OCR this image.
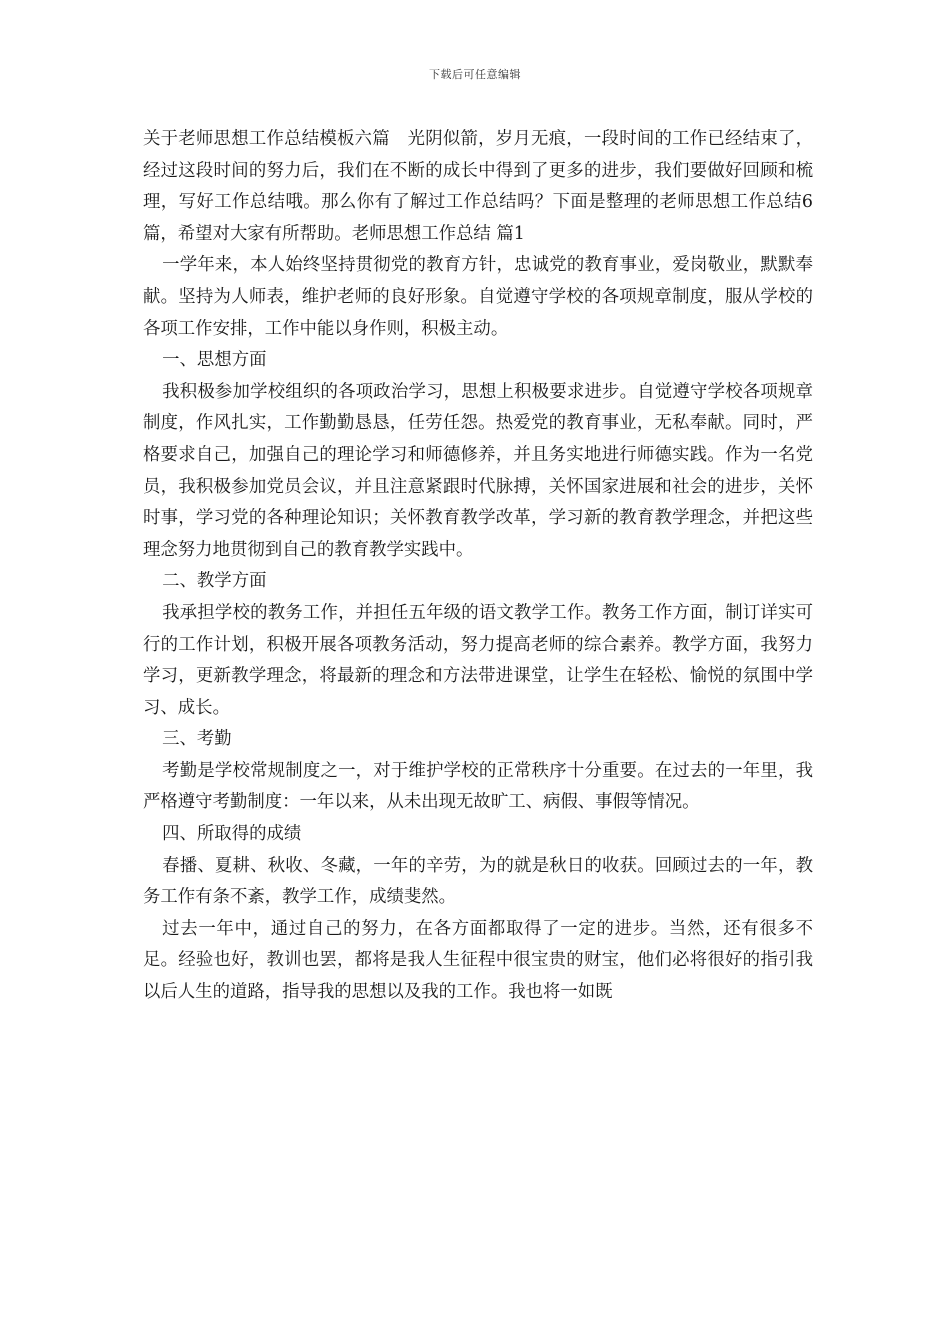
下载后可任意编辑

关于老师思想工作总结模板六篇　光阴似箭，岁月无痕，一段时间的工作已经结束了，经过这段时间的努力后，我们在不断的成长中得到了更多的进步，我们要做好回顾和梳理，写好工作总结哦。那么你有了解过工作总结吗？下面是整理的老师思想工作总结6篇，希望对大家有所帮助。老师思想工作总结 篇1

一学年来，本人始终坚持贯彻党的教育方针，忠诚党的教育事业，爱岗敬业，默默奉献。坚持为人师表，维护老师的良好形象。自觉遵守学校的各项规章制度，服从学校的各项工作安排，工作中能以身作则，积极主动。

一、思想方面

我积极参加学校组织的各项政治学习，思想上积极要求进步。自觉遵守学校各项规章制度，作风扎实，工作勤勤恳恳，任劳任怨。热爱党的教育事业，无私奉献。同时，严格要求自己，加强自己的理论学习和师德修养，并且务实地进行师德实践。作为一名党员，我积极参加党员会议，并且注意紧跟时代脉搏，关怀国家进展和社会的进步，关怀时事，学习党的各种理论知识；关怀教育教学改革，学习新的教育教学理念，并把这些理念努力地贯彻到自己的教育教学实践中。

二、教学方面

我承担学校的教务工作，并担任五年级的语文教学工作。教务工作方面，制订详实可行的工作计划，积极开展各项教务活动，努力提高老师的综合素养。教学方面，我努力学习，更新教学理念，将最新的理念和方法带进课堂，让学生在轻松、愉悦的氛围中学习、成长。

三、考勤

考勤是学校常规制度之一，对于维护学校的正常秩序十分重要。在过去的一年里，我严格遵守考勤制度：一年以来，从未出现无故旷工、病假、事假等情况。

四、所取得的成绩

春播、夏耕、秋收、冬藏，一年的辛劳，为的就是秋日的收获。回顾过去的一年，教务工作有条不紊，教学工作，成绩斐然。

过去一年中，通过自己的努力，在各方面都取得了一定的进步。当然，还有很多不足。经验也好，教训也罢，都将是我人生征程中很宝贵的财宝，他们必将很好的指引我以后人生的道路，指导我的思想以及我的工作。我也将一如既
